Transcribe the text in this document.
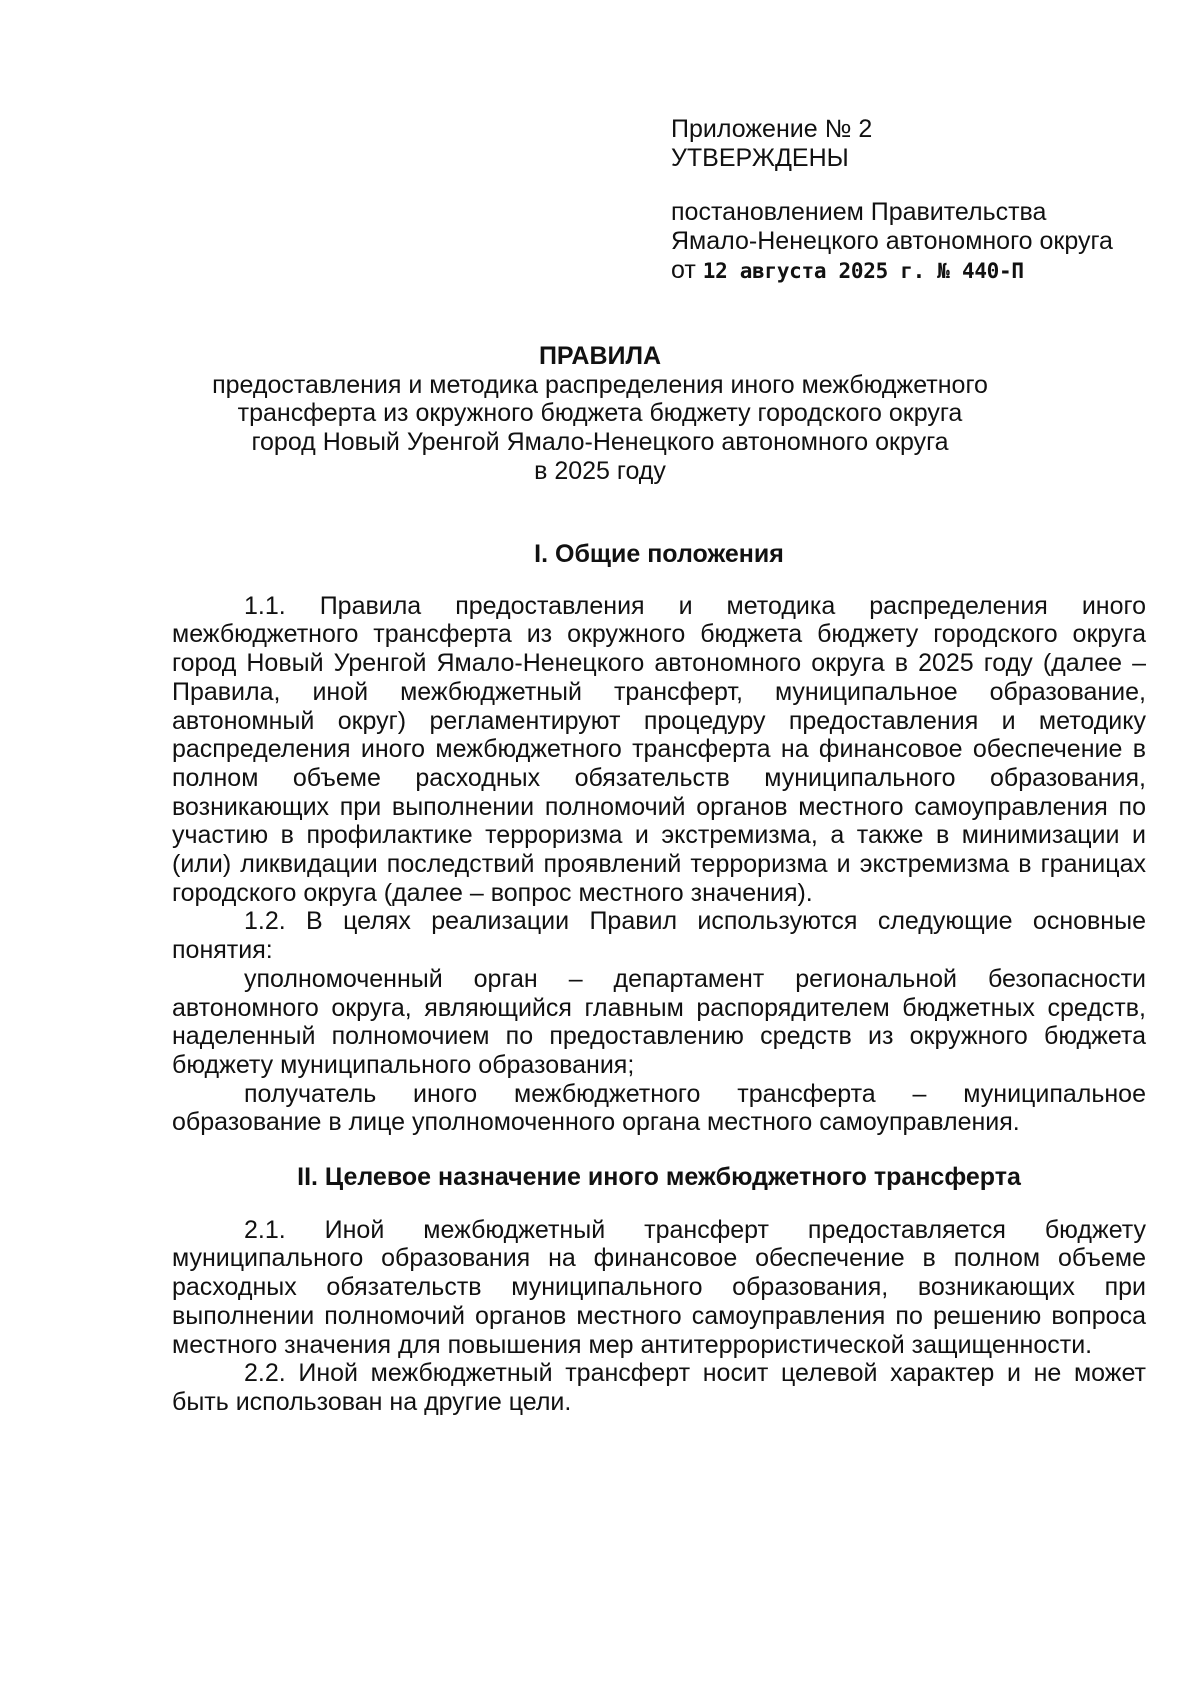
Приложение № 2
УТВЕРЖДЕНЫ
постановлением Правительства
Ямало-Ненецкого автономного округа
от 12 августа 2025 г. № 440-П
ПРАВИЛА
предоставления и методика распределения иного межбюджетного
трансферта из окружного бюджета бюджету городского округа
город Новый Уренгой Ямало-Ненецкого автономного округа
в 2025 году
I. Общие положения

1.1. Правила предоставления и методика распределения иного межбюджетного трансферта из окружного бюджета бюджету городского округа город Новый Уренгой Ямало-Ненецкого автономного округа в 2025 году (далее – Правила, иной межбюджетный трансферт, муниципальное образование, автономный округ) регламентируют процедуру предоставления и методику распределения иного межбюджетного трансферта на финансовое обеспечение в полном объеме расходных обязательств муниципального образования, возникающих при выполнении полномочий органов местного самоуправления по участию в профилактике терроризма и экстремизма, а также в минимизации и (или) ликвидации последствий проявлений терроризма и экстремизма в границах городского округа (далее – вопрос местного значения).

1.2. В целях реализации Правил используются следующие основные понятия:

уполномоченный орган – департамент региональной безопасности автономного округа, являющийся главным распорядителем бюджетных средств, наделенный полномочием по предоставлению средств из окружного бюджета бюджету муниципального образования;

получатель иного межбюджетного трансферта – муниципальное образование в лице уполномоченного органа местного самоуправления.

II. Целевое назначение иного межбюджетного трансферта

2.1. Иной межбюджетный трансферт предоставляется бюджету муниципального образования на финансовое обеспечение в полном объеме расходных обязательств муниципального образования, возникающих при выполнении полномочий органов местного самоуправления по решению вопроса местного значения для повышения мер антитеррористической защищенности.

2.2. Иной межбюджетный трансферт носит целевой характер и не может быть использован на другие цели.
